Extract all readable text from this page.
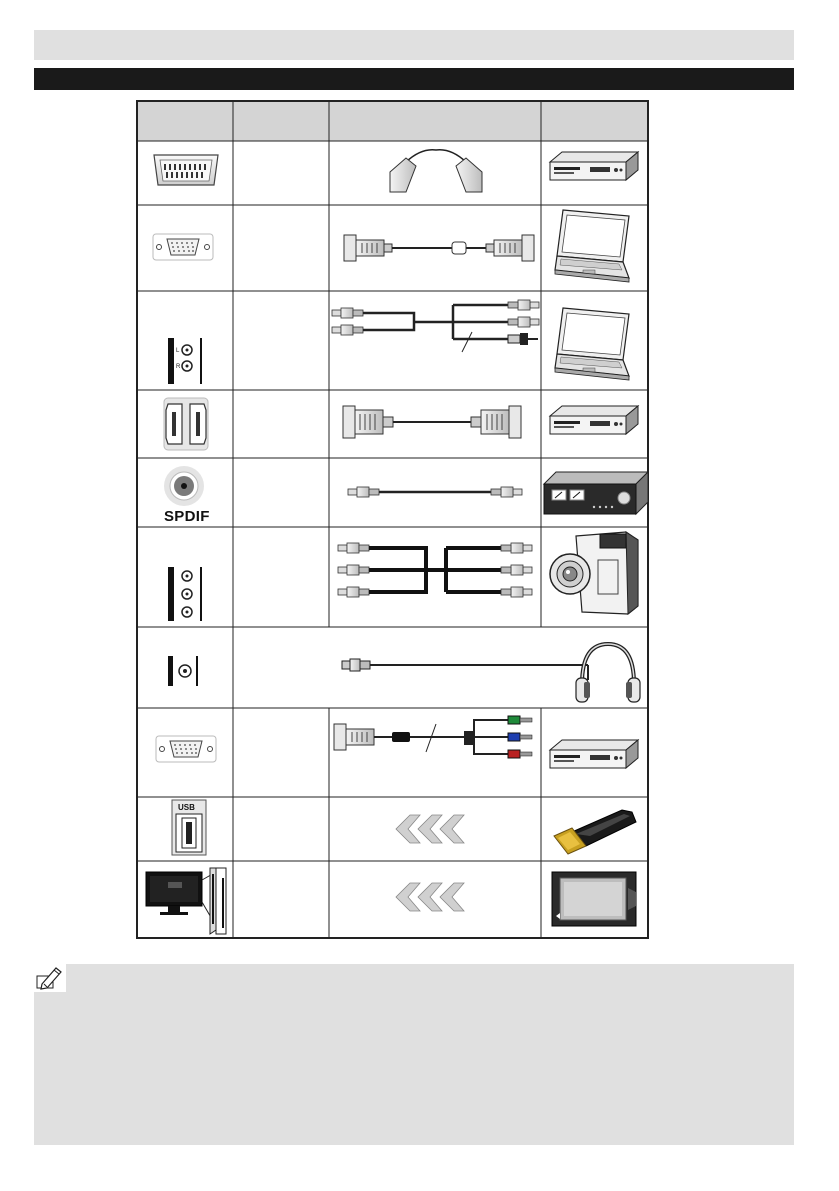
L
R
SPDIF
USB
